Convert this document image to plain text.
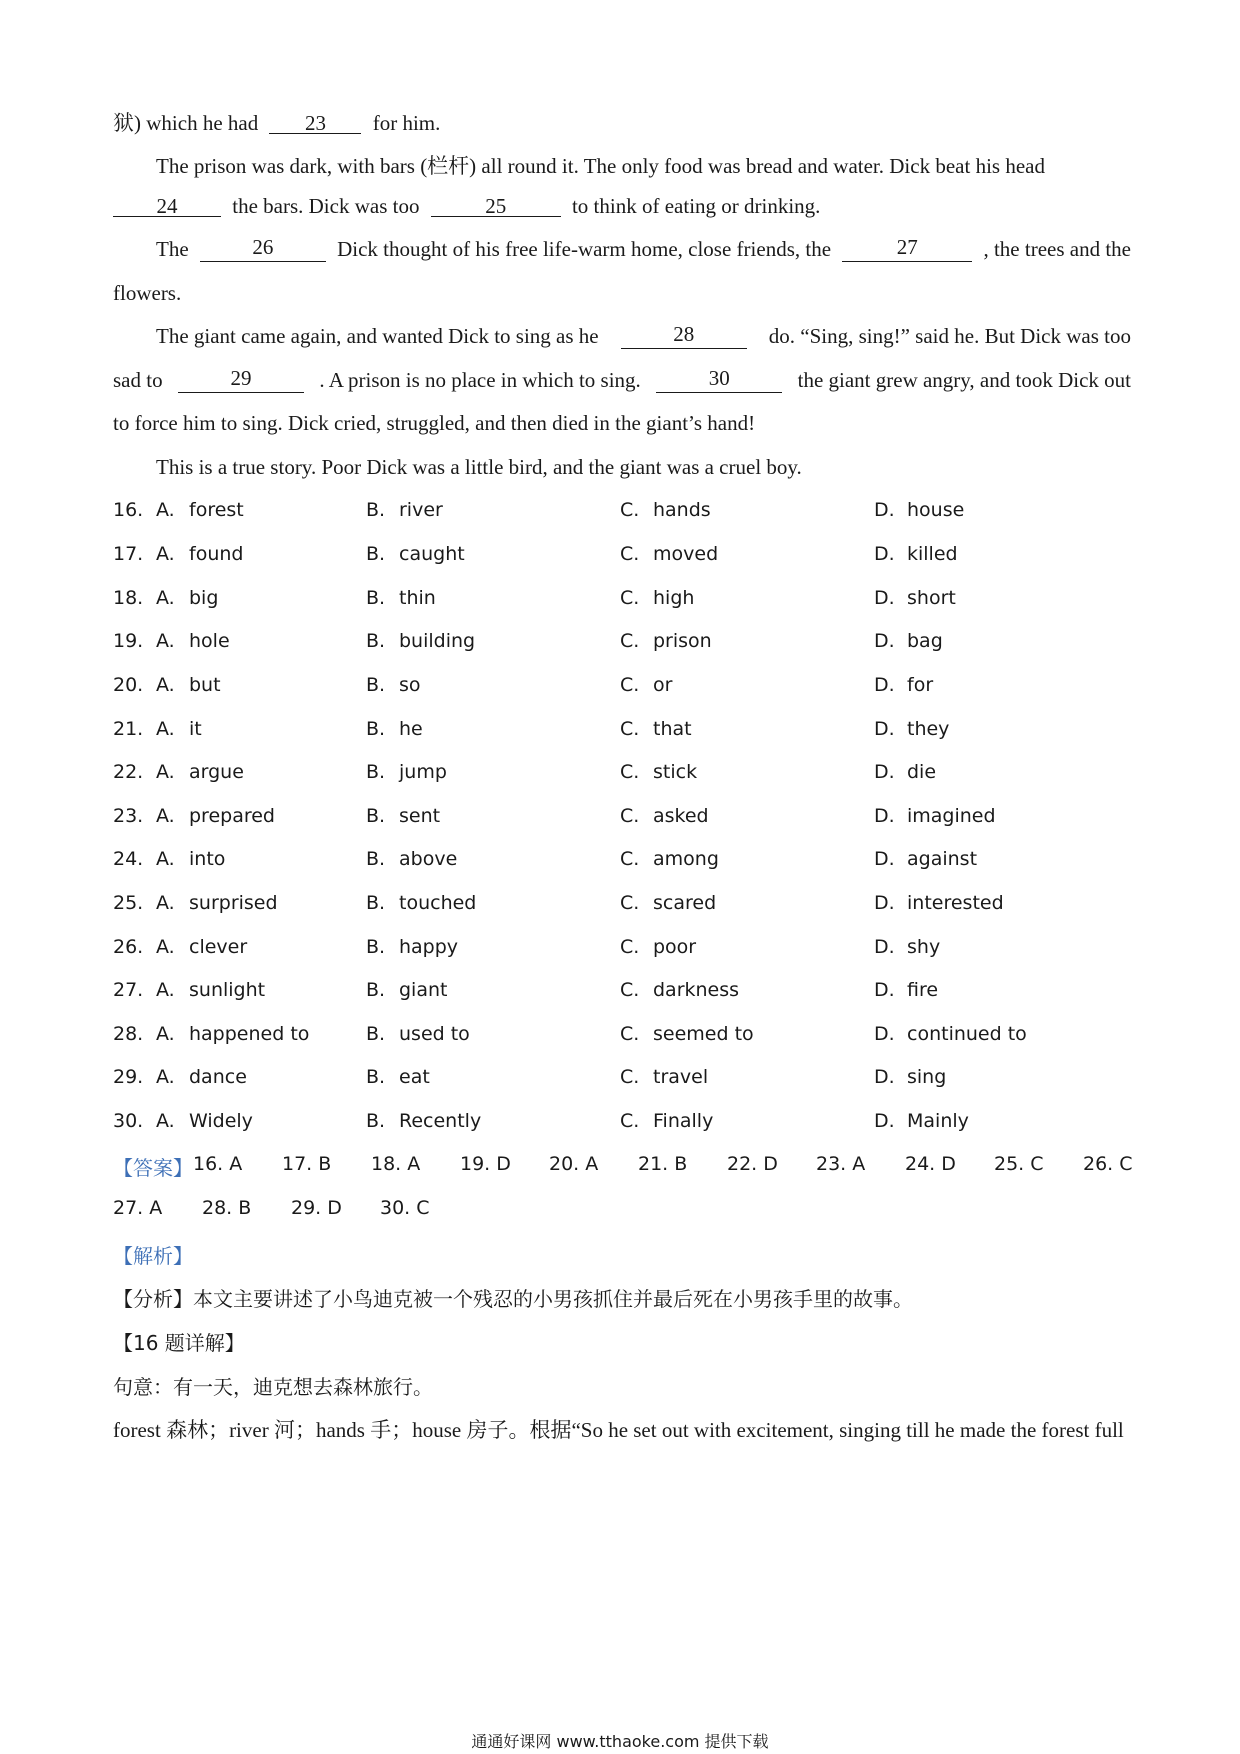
狱) which he had 23 for him.
The prison was dark, with bars (栏杆) all round it. The only food was bread and water. Dick beat his head
24	the bars. Dick was too	25	to think of eating or drinking.
The	26	Dick thought of his free life-warm home, close friends, the	27	, the trees and the
flowers.
The giant came again, and wanted Dick to sing as he	28	do. “Sing, sing!” said he. But Dick was too
sad to	29	. A prison is no place in which to sing.	30	the giant grew angry, and took Dick out
to force him to sing. Dick cried, struggled, and then died in the giant’s hand!
This is a true story. Poor Dick was a little bird, and the giant was a cruel boy.
16. A. forest	B. river	C. hands	D. house
17. A. found	B. caught	C. moved	D. killed
18. A. big	B. thin	C. high	D. short
19. A. hole	B. building	C. prison	D. bag
20. A. but	B. so	C. or	D. for
21. A. it	B. he	C. that	D. they
22. A. argue	B. jump	C. stick	D. die
23. A. prepared	B. sent	C. asked	D. imagined
24. A. into	B. above	C. among	D. against
25. A. surprised	B. touched	C. scared	D. interested
26. A. clever	B. happy	C. poor	D. shy
27. A. sunlight	B. giant	C. darkness	D. fire
28. A. happened to	B. used to	C. seemed to	D. continued to
29. A. dance	B. eat	C. travel	D. sing
30. A. Widely	B. Recently	C. Finally	D. Mainly
【答案】 16. A 17. B 18. A 19. D 20. A 21. B 22. D 23. A 24. D 25. C 26. C
27. A 28. B 29. D 30. C
【解析】
【分析】本文主要讲述了小鸟迪克被一个残忍的小男孩抓住并最后死在小男孩手里的故事。
【16 题详解】
句意：有一天，迪克想去森林旅行。
forest 森林；river 河；hands 手；house 房子。根据“So he set out with excitement, singing till he made the forest full
通通好课网 www.tthaoke.com 提供下载
